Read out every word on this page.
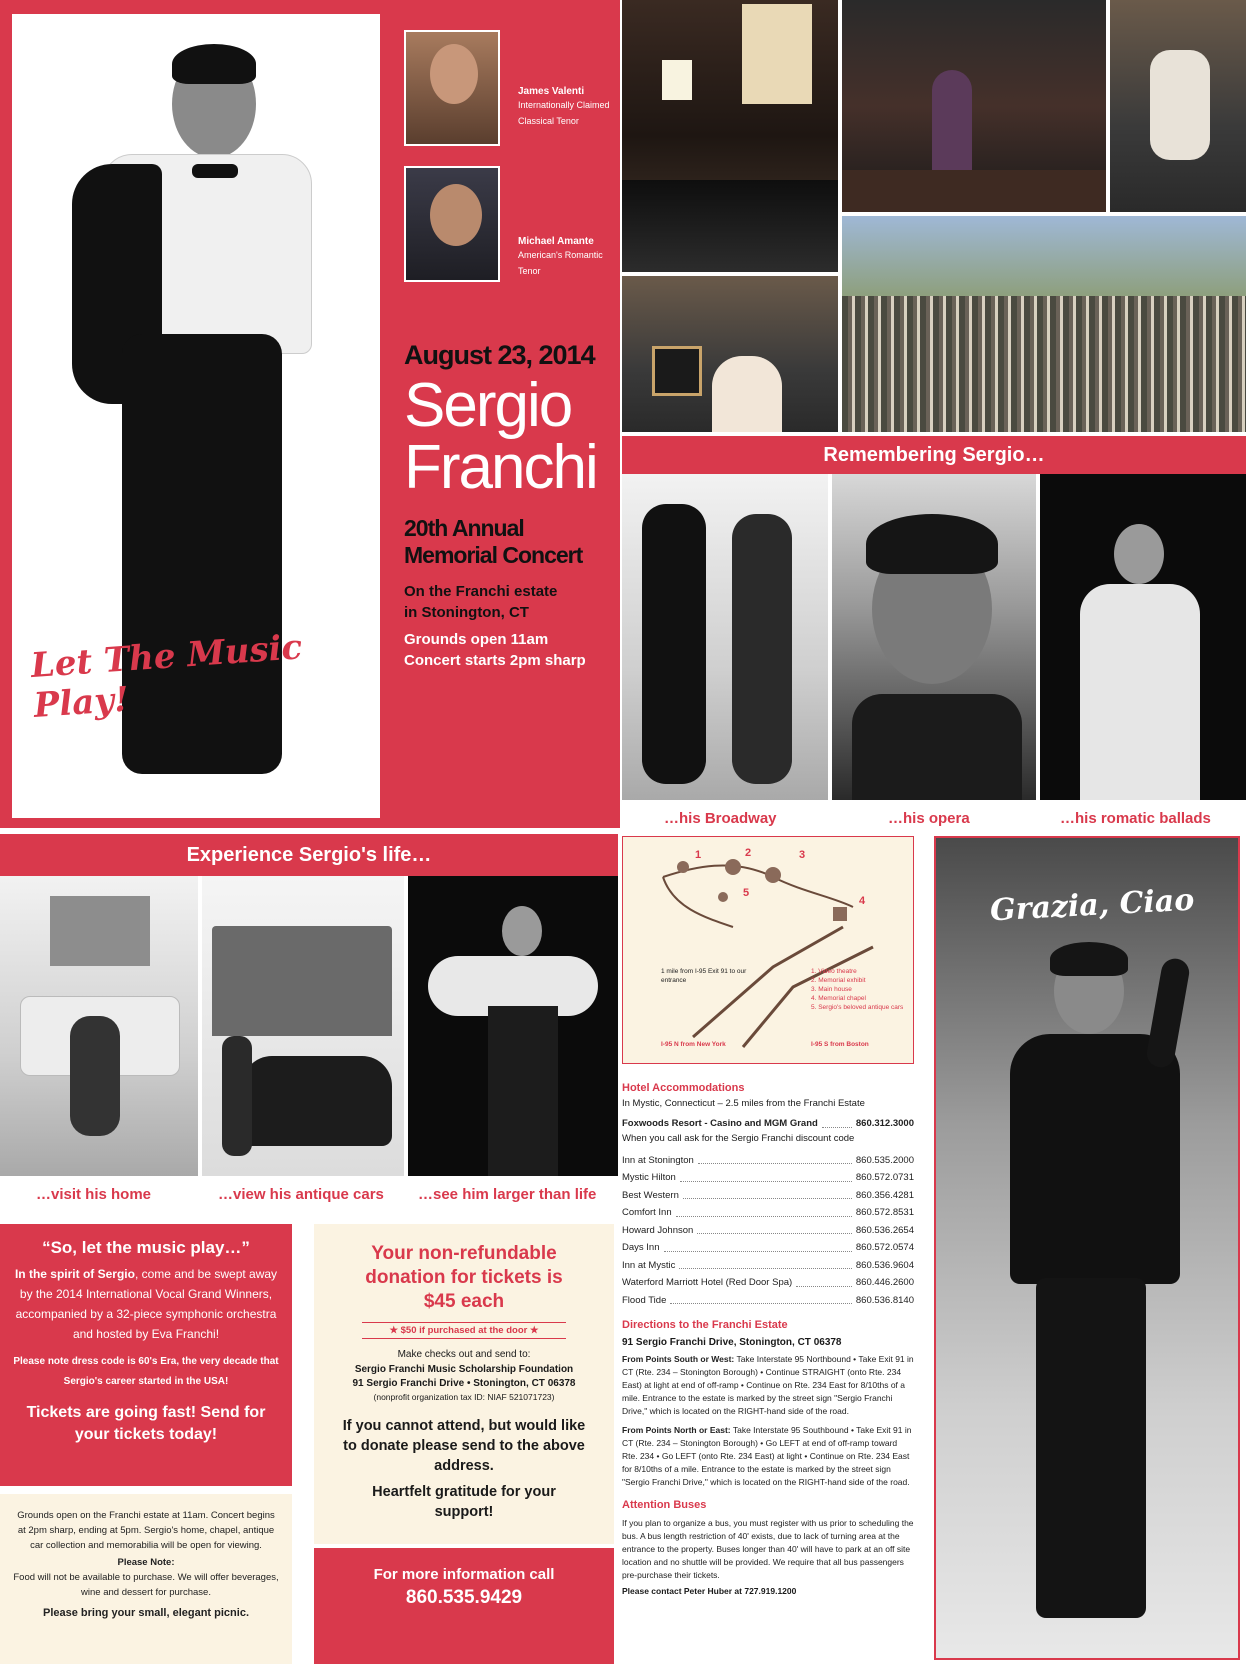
Let The Music Play!
James Valenti
Internationally Claimed Classical Tenor
Michael Amante
American's Romantic Tenor
August 23, 2014
Sergio
Franchi
20th Annual
Memorial Concert
On the Franchi estate
in Stonington, CT
Grounds open 11am
Concert starts 2pm sharp
Remembering Sergio…
…his Broadway	…his opera	…his romatic ballads
Experience Sergio's life…
…visit his home	…view his antique cars …see him larger than life
“So, let the music play…”
In the spirit of Sergio, come and be swept away by the 2014 International Vocal Grand Winners, accompanied by a 32-piece symphonic orchestra and hosted by Eva Franchi!
Please note dress code is 60's Era, the very decade that Sergio's career started in the USA!
Tickets are going fast! Send for your tickets today!
Grounds open on the Franchi estate at 11am. Concert begins at 2pm sharp, ending at 5pm. Sergio's home, chapel, antique car collection and memorabilia will be open for viewing.
Please Note:
Food will not be available to purchase. We will offer beverages, wine and dessert for purchase.
Please bring your small, elegant picnic.
Your non-refundable donation for tickets is $45 each
★ $50 if purchased at the door ★
Make checks out and send to:
Sergio Franchi Music Scholarship Foundation
91 Sergio Franchi Drive • Stonington, CT 06378
(nonprofit organization tax ID: NIAF 521071723)
If you cannot attend, but would like to donate please send to the above address.
Heartfelt gratitude for your support!
For more information call
860.535.9429
1	2	3
4
5
1 mile from I-95 Exit 91 to our entrance
1. Video theatre
2. Memorial exhibit
3. Main house
4. Memorial chapel
5. Sergio's beloved antique cars
I-95 N from New York	I-95 S from Boston
Hotel Accommodations
In Mystic, Connecticut – 2.5 miles from the Franchi Estate
Foxwoods Resort - Casino and MGM Grand	860.312.3000
When you call ask for the Sergio Franchi discount code
Inn at Stonington	860.535.2000
Mystic Hilton	860.572.0731
Best Western	860.356.4281
Comfort Inn	860.572.8531
Howard Johnson	860.536.2654
Days Inn	860.572.0574
Inn at Mystic	860.536.9604
Waterford Marriott Hotel (Red Door Spa)	860.446.2600
Flood Tide	860.536.8140
Directions to the Franchi Estate
91 Sergio Franchi Drive, Stonington, CT 06378
From Points South or West: Take Interstate 95 Northbound • Take Exit 91 in CT (Rte. 234 – Stonington Borough) • Continue STRAIGHT (onto Rte. 234 East) at light at end of off-ramp • Continue on Rte. 234 East for 8/10ths of a mile. Entrance to the estate is marked by the street sign "Sergio Franchi Drive," which is located on the RIGHT-hand side of the road.
From Points North or East: Take Interstate 95 Southbound • Take Exit 91 in CT (Rte. 234 – Stonington Borough) • Go LEFT at end of off-ramp toward Rte. 234 • Go LEFT (onto Rte. 234 East) at light • Continue on Rte. 234 East for 8/10ths of a mile. Entrance to the estate is marked by the street sign "Sergio Franchi Drive," which is located on the RIGHT-hand side of the road.
Attention Buses
If you plan to organize a bus, you must register with us prior to scheduling the bus. A bus length restriction of 40' exists, due to lack of turning area at the entrance to the property. Buses longer than 40' will have to park at an off site location and no shuttle will be provided. We require that all bus passengers pre-purchase their tickets.
Please contact Peter Huber at 727.919.1200
Grazia, Ciao
